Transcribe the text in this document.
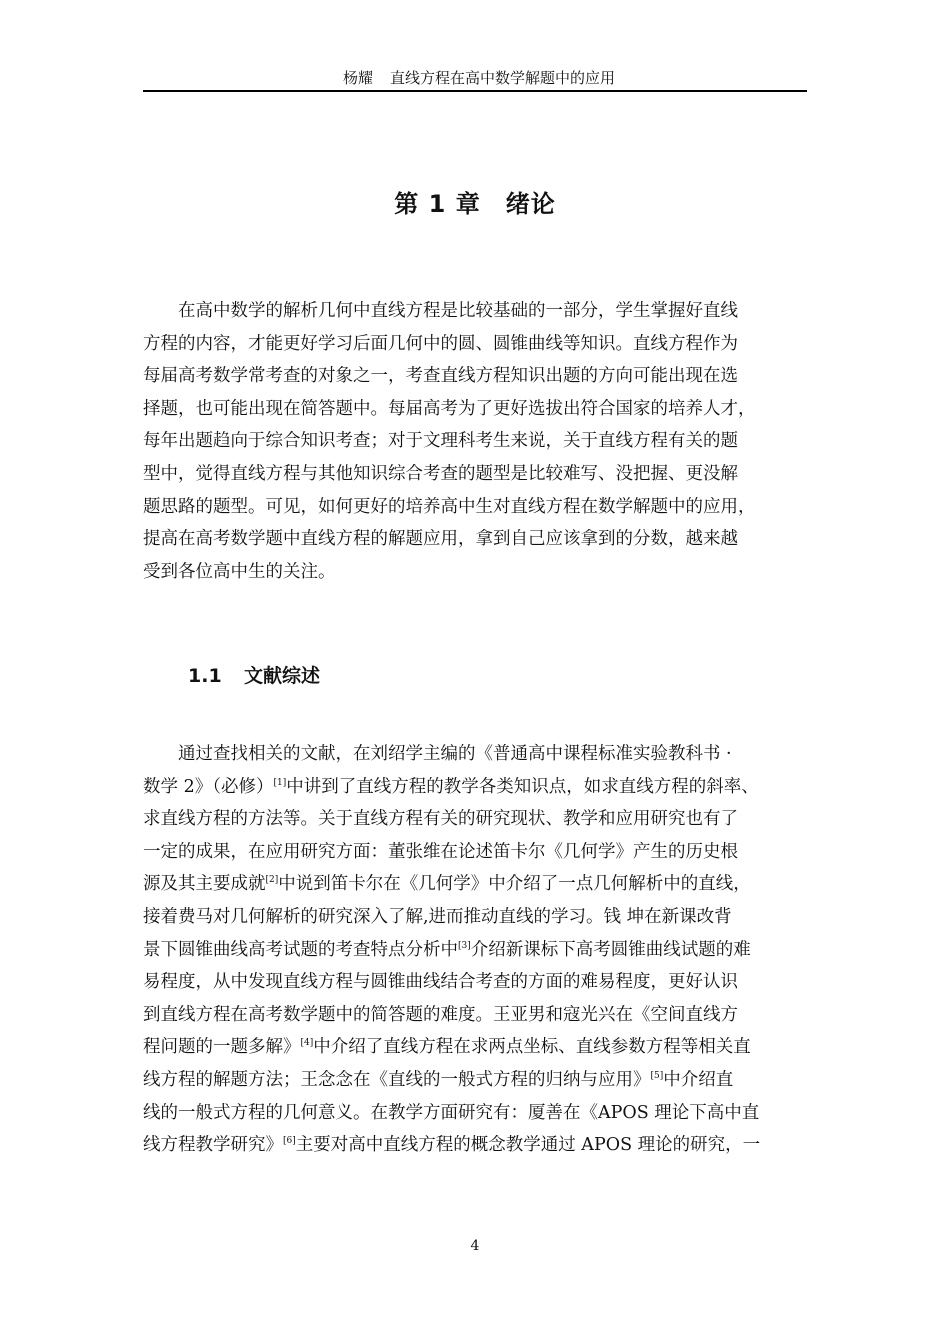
杨耀 直线方程在高中数学解题中的应用
第 1 章　绪论

　　在高中数学的解析几何中直线方程是比较基础的一部分，学生掌握好直线
方程的内容，才能更好学习后面几何中的圆、圆锥曲线等知识。直线方程作为
每届高考数学常考查的对象之一，考查直线方程知识出题的方向可能出现在选
择题，也可能出现在简答题中。每届高考为了更好选拔出符合国家的培养人才，
每年出题趋向于综合知识考查；对于文理科考生来说，关于直线方程有关的题
型中，觉得直线方程与其他知识综合考查的题型是比较难写、没把握、更没解
题思路的题型。可见，如何更好的培养高中生对直线方程在数学解题中的应用，
提高在高考数学题中直线方程的解题应用，拿到自己应该拿到的分数，越来越
受到各位高中生的关注。

1.1 文献综述

　　通过查找相关的文献，在刘绍学主编的《普通高中课程标准实验教科书 ·
数学 2》（必修）[1]中讲到了直线方程的教学各类知识点，如求直线方程的斜率、
求直线方程的方法等。关于直线方程有关的研究现状、教学和应用研究也有了
一定的成果，在应用研究方面：董张维在论述笛卡尔《几何学》产生的历史根
源及其主要成就[2]中说到笛卡尔在《几何学》中介绍了一点几何解析中的直线，
接着费马对几何解析的研究深入了解,进而推动直线的学习。钱 坤在新课改背
景下圆锥曲线高考试题的考查特点分析中[3]介绍新课标下高考圆锥曲线试题的难
易程度，从中发现直线方程与圆锥曲线结合考查的方面的难易程度，更好认识
到直线方程在高考数学题中的简答题的难度。王亚男和寇光兴在《空间直线方
程问题的一题多解》[4]中介绍了直线方程在求两点坐标、直线参数方程等相关直
线方程的解题方法；王念念在《直线的一般式方程的归纳与应用》[5]中介绍直
线的一般式方程的几何意义。在教学方面研究有：厦善在《APOS 理论下高中直
线方程教学研究》[6]主要对高中直线方程的概念教学通过 APOS 理论的研究，一

4
